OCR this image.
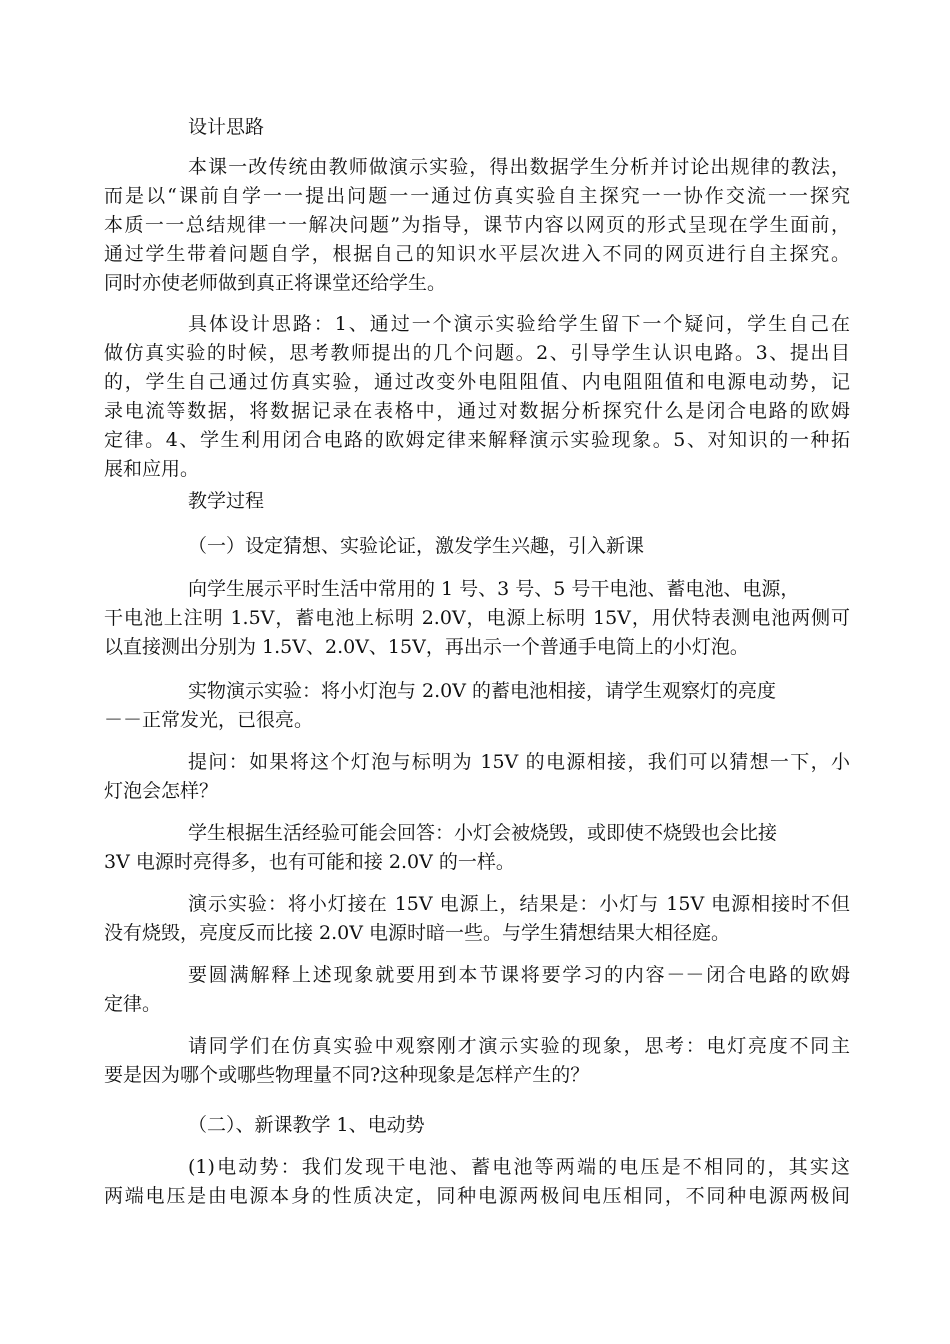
设计思路

本课一改传统由教师做演示实验，得出数据学生分析并讨论出规律的教法，
而是以“课前自学一一提出问题一一通过仿真实验自主探究一一协作交流一一探究
本质一一总结规律一一解决问题”为指导，课节内容以网页的形式呈现在学生面前，
通过学生带着问题自学，根据自己的知识水平层次进入不同的网页进行自主探究。
同时亦使老师做到真正将课堂还给学生。

具体设计思路：1、通过一个演示实验给学生留下一个疑问，学生自己在
做仿真实验的时候，思考教师提出的几个问题。2、引导学生认识电路。3、提出目
的，学生自己通过仿真实验，通过改变外电阻阻值、内电阻阻值和电源电动势，记
录电流等数据，将数据记录在表格中，通过对数据分析探究什么是闭合电路的欧姆
定律。4、学生利用闭合电路的欧姆定律来解释演示实验现象。5、对知识的一种拓
展和应用。

教学过程

（一）设定猜想、实验论证，激发学生兴趣，引入新课

向学生展示平时生活中常用的 1 号、3 号、5 号干电池、蓄电池、电源，
干电池上注明 1.5V，蓄电池上标明 2.0V，电源上标明 15V，用伏特表测电池两侧可
以直接测出分别为 1.5V、2.0V、15V，再出示一个普通手电筒上的小灯泡。

实物演示实验：将小灯泡与 2.0V 的蓄电池相接，请学生观察灯的亮度
－－正常发光，已很亮。

提问：如果将这个灯泡与标明为 15V 的电源相接，我们可以猜想一下，小
灯泡会怎样？

学生根据生活经验可能会回答：小灯会被烧毁，或即使不烧毁也会比接
3V 电源时亮得多，也有可能和接 2.0V 的一样。

演示实验：将小灯接在 15V 电源上，结果是：小灯与 15V 电源相接时不但
没有烧毁，亮度反而比接 2.0V 电源时暗一些。与学生猜想结果大相径庭。

要圆满解释上述现象就要用到本节课将要学习的内容－－闭合电路的欧姆
定律。

请同学们在仿真实验中观察刚才演示实验的现象，思考：电灯亮度不同主
要是因为哪个或哪些物理量不同?这种现象是怎样产生的？

（二）、新课教学 1、电动势

(1)电动势：我们发现干电池、蓄电池等两端的电压是不相同的，其实这
两端电压是由电源本身的性质决定，同种电源两极间电压相同，不同种电源两极间
